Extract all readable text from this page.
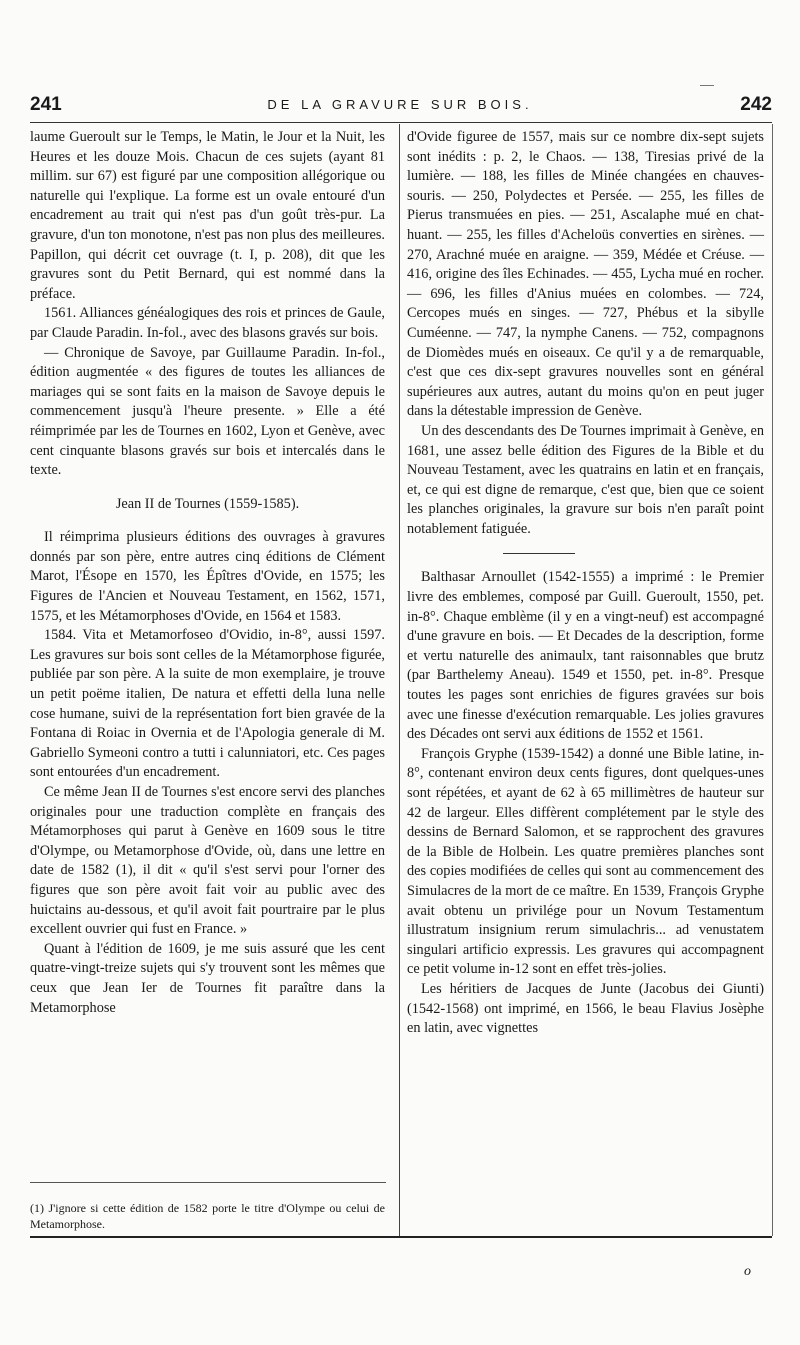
241	DE LA GRAVURE SUR BOIS.	242

laume Gueroult sur le Temps, le Matin, le Jour et la Nuit, les Heures et les douze Mois. Chacun de ces sujets (ayant 81 millim. sur 67) est figuré par une composition allégorique ou naturelle qui l'explique. La forme est un ovale entouré d'un encadrement au trait qui n'est pas d'un goût très-pur. La gravure, d'un ton monotone, n'est pas non plus des meilleures. Papillon, qui décrit cet ouvrage (t. I, p. 208), dit que les gravures sont du Petit Bernard, qui est nommé dans la préface.

1561. Alliances généalogiques des rois et princes de Gaule, par Claude Paradin. In-fol., avec des blasons gravés sur bois.

— Chronique de Savoye, par Guillaume Paradin. In-fol., édition augmentée « des figures de toutes les alliances de mariages qui se sont faits en la maison de Savoye depuis le commencement jusqu'à l'heure presente. » Elle a été réimprimée par les de Tournes en 1602, Lyon et Genève, avec cent cinquante blasons gravés sur bois et intercalés dans le texte.

Jean II de Tournes (1559-1585).

Il réimprima plusieurs éditions des ouvrages à gravures donnés par son père, entre autres cinq éditions de Clément Marot, l'Ésope en 1570, les Épîtres d'Ovide, en 1575; les Figures de l'Ancien et Nouveau Testament, en 1562, 1571, 1575, et les Métamorphoses d'Ovide, en 1564 et 1583.

1584. Vita et Metamorfoseo d'Ovidio, in-8°, aussi 1597. Les gravures sur bois sont celles de la Métamorphose figurée, publiée par son père. A la suite de mon exemplaire, je trouve un petit poëme italien, De natura et effetti della luna nelle cose humane, suivi de la représentation fort bien gravée de la Fontana di Roiac in Overnia et de l'Apologia generale di M. Gabriello Symeoni contro a tutti i calunniatori, etc. Ces pages sont entourées d'un encadrement.

Ce même Jean II de Tournes s'est encore servi des planches originales pour une traduction complète en français des Métamorphoses qui parut à Genève en 1609 sous le titre d'Olympe, ou Metamorphose d'Ovide, où, dans une lettre en date de 1582 (1), il dit « qu'il s'est servi pour l'orner des figures que son père avoit fait voir au public avec des huictains au-dessous, et qu'il avoit fait pourtraire par le plus excellent ouvrier qui fust en France. »

Quant à l'édition de 1609, je me suis assuré que les cent quatre-vingt-treize sujets qui s'y trouvent sont les mêmes que ceux que Jean Ier de Tournes fit paraître dans la Metamorphose

(1) J'ignore si cette édition de 1582 porte le titre d'Olympe ou celui de Metamorphose.

d'Ovide figuree de 1557, mais sur ce nombre dix-sept sujets sont inédits : p. 2, le Chaos. — 138, Tiresias privé de la lumière. — 188, les filles de Minée changées en chauves-souris. — 250, Polydectes et Persée. — 255, les filles de Pierus transmuées en pies. — 251, Ascalaphe mué en chat-huant. — 255, les filles d'Acheloüs converties en sirènes. — 270, Arachné muée en araigne. — 359, Médée et Créuse. — 416, origine des îles Echinades. — 455, Lycha mué en rocher. — 696, les filles d'Anius muées en colombes. — 724, Cercopes mués en singes. — 727, Phébus et la sibylle Cuméenne. — 747, la nymphe Canens. — 752, compagnons de Diomèdes mués en oiseaux. Ce qu'il y a de remarquable, c'est que ces dix-sept gravures nouvelles sont en général supérieures aux autres, autant du moins qu'on en peut juger dans la détestable impression de Genève.

Un des descendants des De Tournes imprimait à Genève, en 1681, une assez belle édition des Figures de la Bible et du Nouveau Testament, avec les quatrains en latin et en français, et, ce qui est digne de remarque, c'est que, bien que ce soient les planches originales, la gravure sur bois n'en paraît point notablement fatiguée.

Balthasar Arnoullet (1542-1555) a imprimé : le Premier livre des emblemes, composé par Guill. Gueroult, 1550, pet. in-8°. Chaque emblème (il y en a vingt-neuf) est accompagné d'une gravure en bois. — Et Decades de la description, forme et vertu naturelle des animaulx, tant raisonnables que brutz (par Barthelemy Aneau). 1549 et 1550, pet. in-8°. Presque toutes les pages sont enrichies de figures gravées sur bois avec une finesse d'exécution remarquable. Les jolies gravures des Décades ont servi aux éditions de 1552 et 1561.

François Gryphe (1539-1542) a donné une Bible latine, in-8°, contenant environ deux cents figures, dont quelques-unes sont répétées, et ayant de 62 à 65 millimètres de hauteur sur 42 de largeur. Elles diffèrent complétement par le style des dessins de Bernard Salomon, et se rapprochent des gravures de la Bible de Holbein. Les quatre premières planches sont des copies modifiées de celles qui sont au commencement des Simulacres de la mort de ce maître. En 1539, François Gryphe avait obtenu un privilége pour un Novum Testamentum illustratum insignium rerum simulachris... ad venustatem singulari artificio expressis. Les gravures qui accompagnent ce petit volume in-12 sont en effet très-jolies.

Les héritiers de Jacques de Junte (Jacobus dei Giunti) (1542-1568) ont imprimé, en 1566, le beau Flavius Josèphe en latin, avec vignettes

o
